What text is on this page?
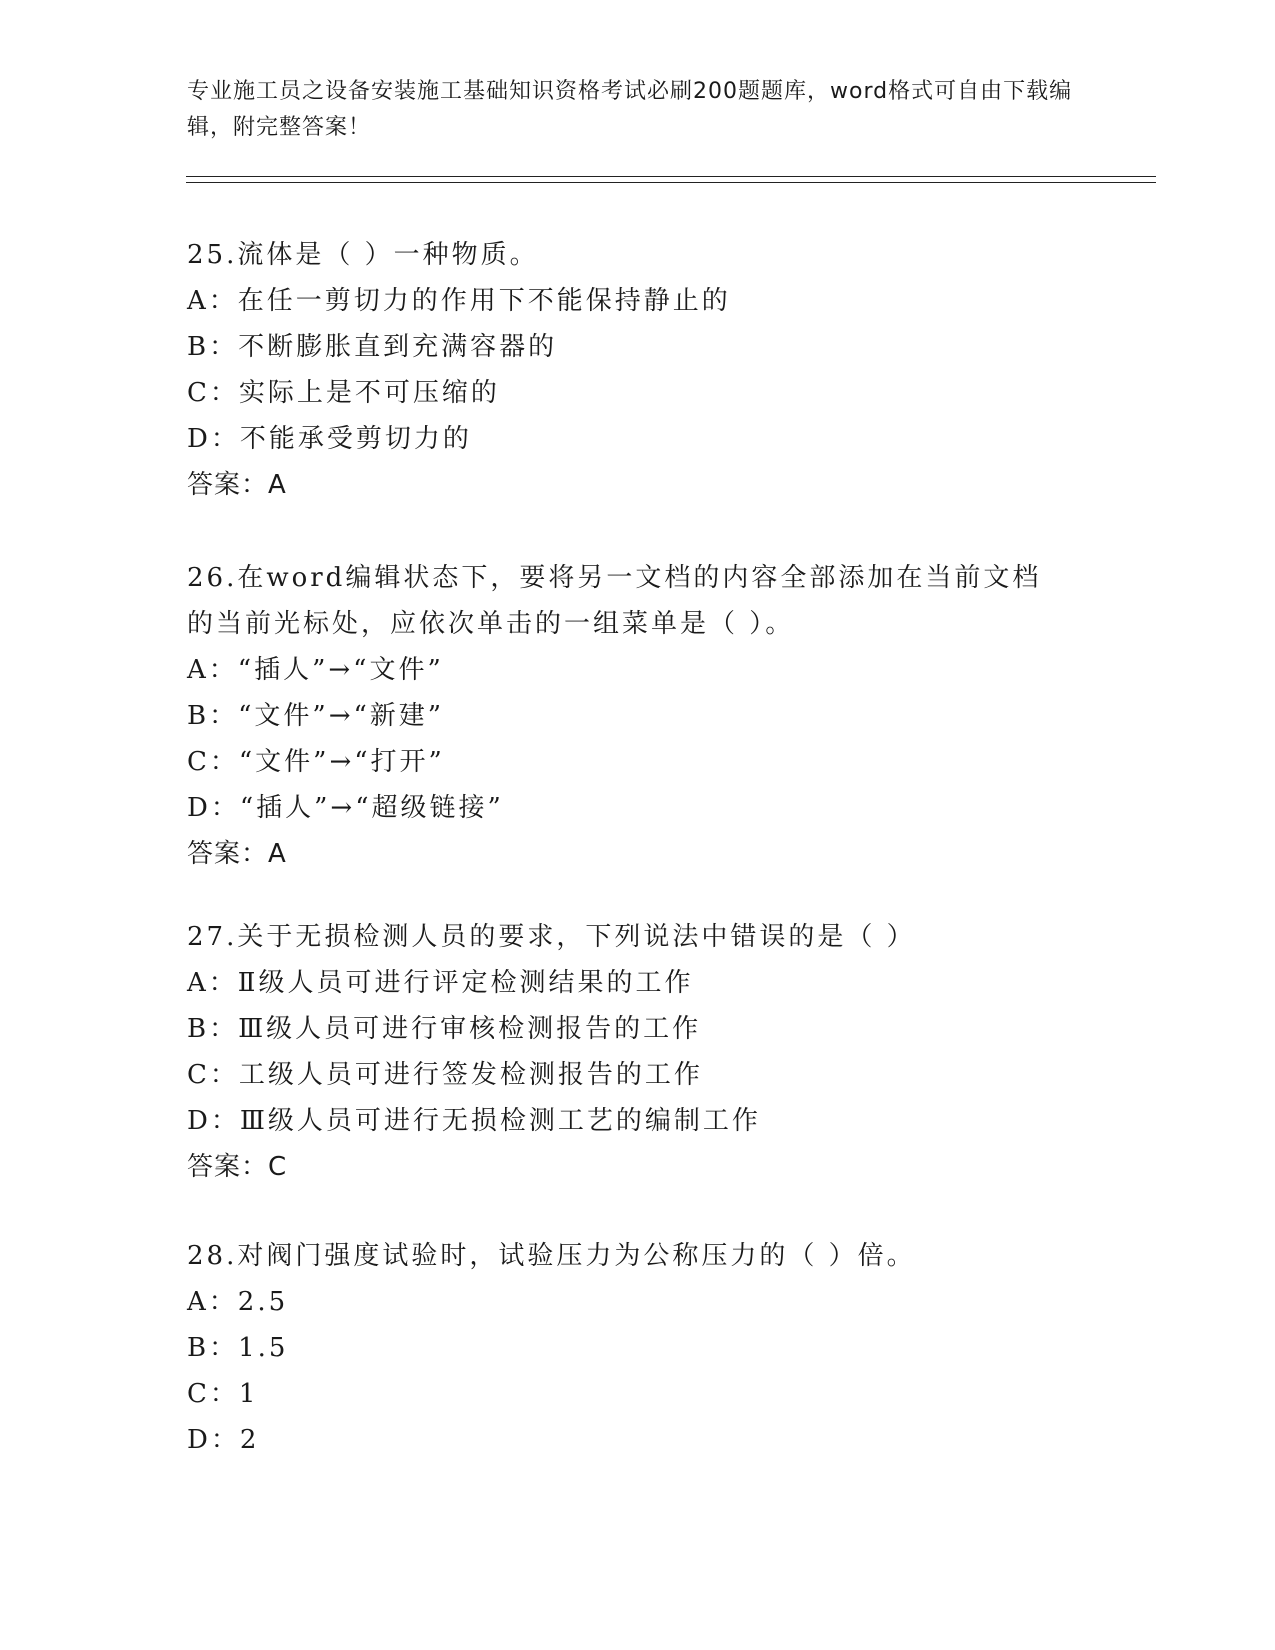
专业施工员之设备安装施工基础知识资格考试必刷200题题库，word格式可自由下载编辑，附完整答案！
25.流体是（ ）一种物质。
A：在任一剪切力的作用下不能保持静止的
B：不断膨胀直到充满容器的
C：实际上是不可压缩的
D：不能承受剪切力的
答案：A
26.在word编辑状态下，要将另一文档的内容全部添加在当前文档的当前光标处，应依次单击的一组菜单是（ ）。
A：“插人”→“文件”
B：“文件”→“新建”
C：“文件”→“打开”
D：“插人”→“超级链接”
答案：A
27.关于无损检测人员的要求，下列说法中错误的是（ ）
A：Ⅱ级人员可进行评定检测结果的工作
B：Ⅲ级人员可进行审核检测报告的工作
C：工级人员可进行签发检测报告的工作
D：Ⅲ级人员可进行无损检测工艺的编制工作
答案：C
28.对阀门强度试验时，试验压力为公称压力的（ ）倍。
A：2.5
B：1.5
C：1
D：2
